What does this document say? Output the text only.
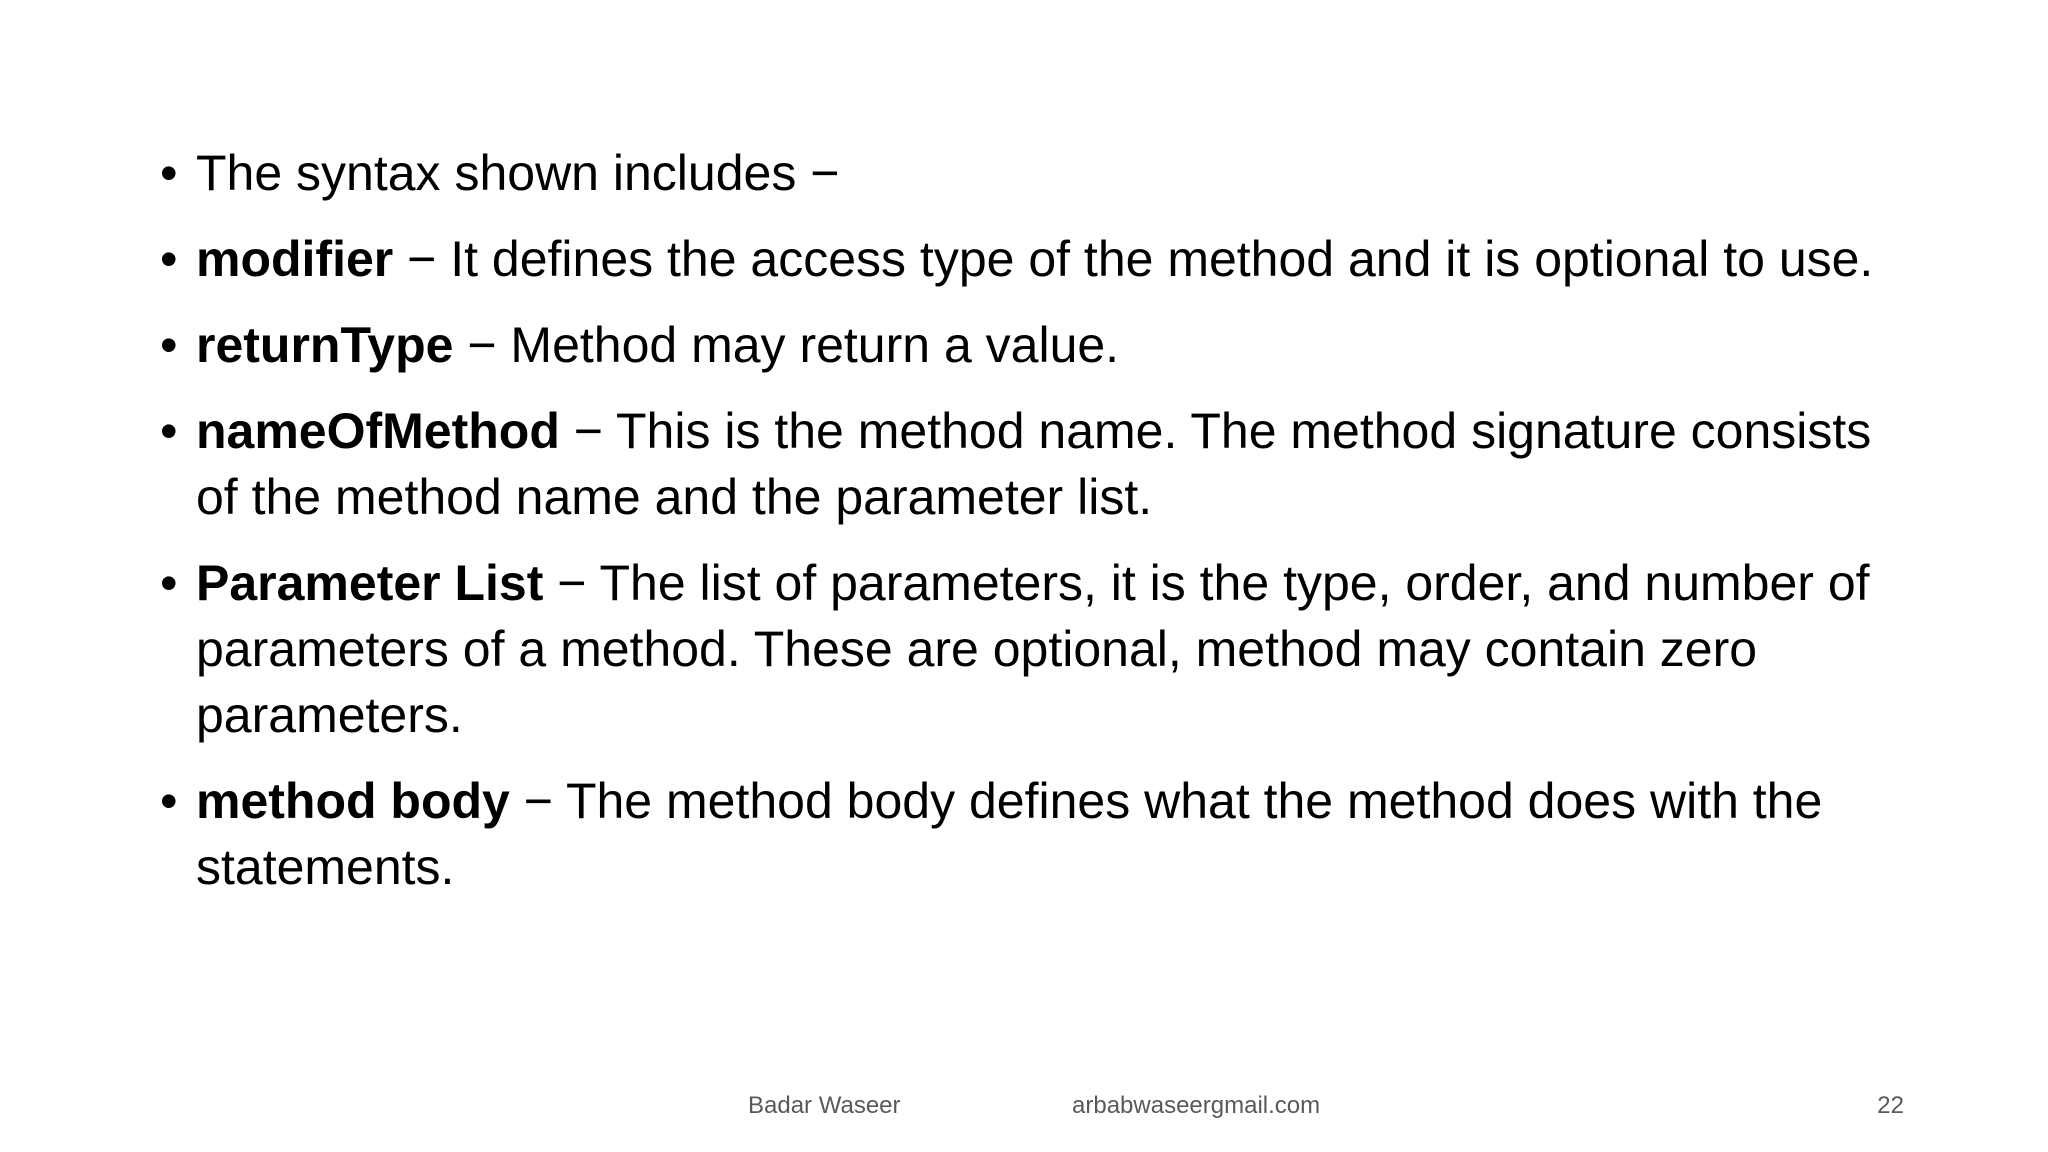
• The syntax shown includes −
• modifier − It defines the access type of the method and it is optional to use.
• returnType − Method may return a value.
• nameOfMethod − This is the method name. The method signature consists of the method name and the parameter list.
• Parameter List − The list of parameters, it is the type, order, and number of parameters of a method. These are optional, method may contain zero parameters.
• method body − The method body defines what the method does with the statements.
Badar Waseer	arbabwaseergmail.com	22
